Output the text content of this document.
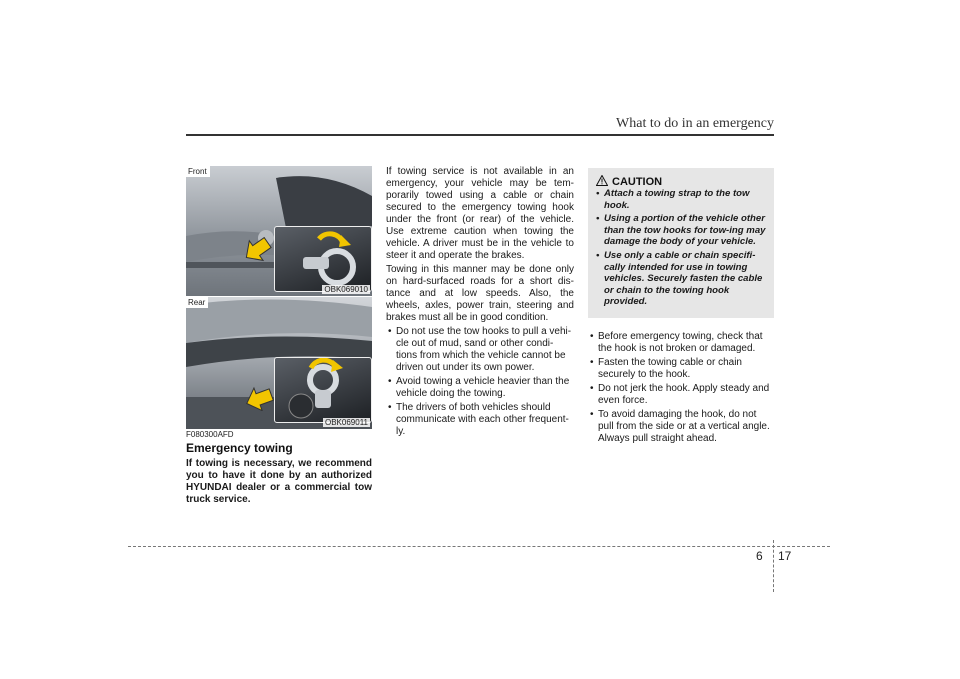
What to do in an emergency
Front
OBK069010
Rear
OBK069011
F080300AFD
Emergency towing
If towing is necessary, we recommend you to have it done by an authorized HYUNDAI dealer or a commercial tow truck service.

If towing service is not available in an emergency, your vehicle may be tem-porarily towed using a cable or chain secured to the emergency towing hook under the front (or rear) of the vehicle. Use extreme caution when towing the vehicle. A driver must be in the vehicle to steer it and operate the brakes.

Towing in this manner may be done only on hard-surfaced roads for a short dis-tance and at low speeds. Also, the wheels, axles, power train, steering and brakes must all be in good condition.

• Do not use the tow hooks to pull a vehi-cle out of mud, sand or other condi-tions from which the vehicle cannot be driven out under its own power.
• Avoid towing a vehicle heavier than the vehicle doing the towing.
• The drivers of both vehicles should communicate with each other frequent-ly.
CAUTION
• Attach a towing strap to the tow hook.
• Using a portion of the vehicle other than the tow hooks for tow-ing may damage the body of your vehicle.
• Use only a cable or chain specifi-cally intended for use in towing vehicles. Securely fasten the cable or chain to the towing hook provided.
• Before emergency towing, check that the hook is not broken or damaged.
• Fasten the towing cable or chain securely to the hook.
• Do not jerk the hook. Apply steady and even force.
• To avoid damaging the hook, do not pull from the side or at a vertical angle. Always pull straight ahead.
6 17
